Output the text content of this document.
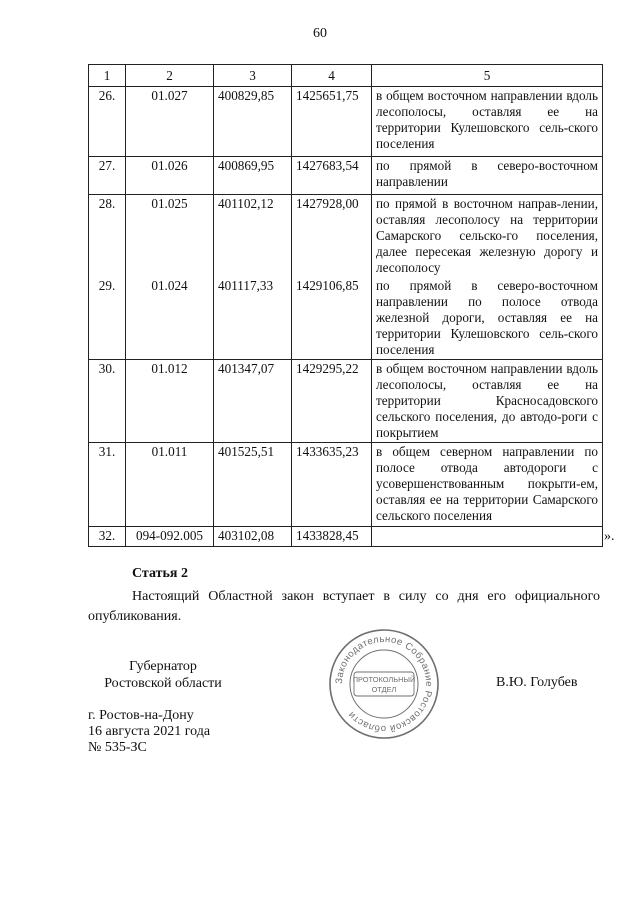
60
1	2	3	4	5
26.	01.027	400829,85	1425651,75	в общем восточном направлении вдоль лесополосы, оставляя ее на территории Кулешовского сель-ского поселения
27.	01.026	400869,95	1427683,54	по прямой в северо-восточном направлении
28.	01.025	401102,12	1427928,00	по прямой в восточном направ-лении, оставляя лесополосу на территории Самарского сельско-го поселения, далее пересекая железную дорогу и лесополосу
29.	01.024	401117,33	1429106,85	по прямой в северо-восточном направлении по полосе отвода железной дороги, оставляя ее на территории Кулешовского сель-ского поселения
30.	01.012	401347,07	1429295,22	в общем восточном направлении вдоль лесополосы, оставляя ее на территории Красносадовского сельского поселения, до автодо-роги с покрытием
31.	01.011	401525,51	1433635,23	в общем северном направлении по полосе отвода автодороги с усовершенствованным покрыти-ем, оставляя ее на территории Самарского сельского поселения
32.	094-092.005	403102,08	1433828,45		».
Статья 2
Настоящий Областной закон вступает в силу со дня его официального опубликования.
Губернатор
Ростовской области	Законодательное Собрание Ростовской области
ПРОТОКОЛЬНЫЙ
ОТДЕЛ	В.Ю. Голубев
г. Ростов-на-Дону
16 августа 2021 года
№ 535-ЗС
